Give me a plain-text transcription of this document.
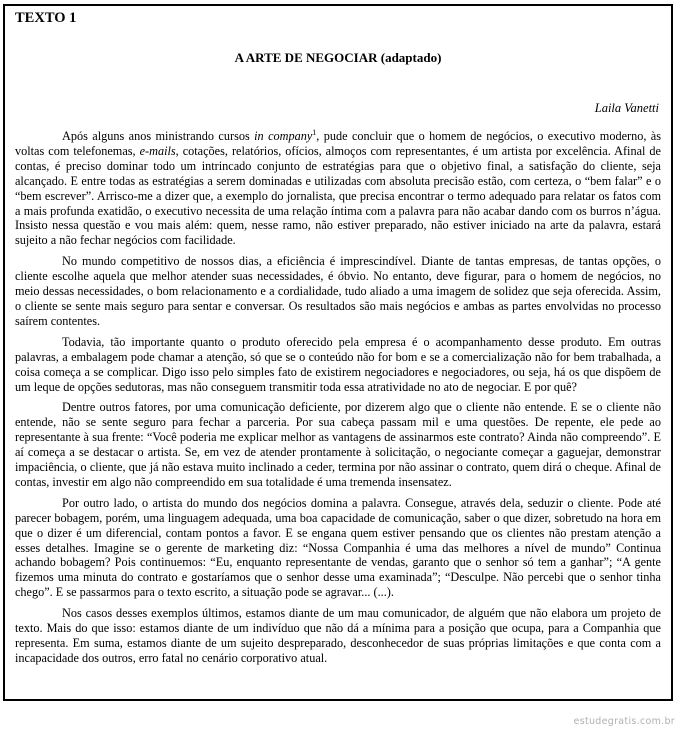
TEXTO 1
A ARTE DE NEGOCIAR (adaptado)

Laila Vanetti

Após alguns anos ministrando cursos in company$^1$, pude concluir que o homem de negócios, o executivo moderno, às voltas com telefonemas, e-mails, cotações, relatórios, ofícios, almoços com representantes, é um artista por excelência. Afinal de contas, é preciso dominar todo um intrincado conjunto de estratégias para que o objetivo final, a satisfação do cliente, seja alcançado. E entre todas as estratégias a serem dominadas e utilizadas com absoluta precisão estão, com certeza, o “bem falar” e o “bem escrever”. Arrisco-me a dizer que, a exemplo do jornalista, que precisa encontrar o termo adequado para relatar os fatos com a mais profunda exatidão, o executivo necessita de uma relação íntima com a palavra para não acabar dando com os burros n’água. Insisto nessa questão e vou mais além: quem, nesse ramo, não estiver preparado, não estiver iniciado na arte da palavra, estará sujeito a não fechar negócios com facilidade.

No mundo competitivo de nossos dias, a eficiência é imprescindível. Diante de tantas empresas, de tantas opções, o cliente escolhe aquela que melhor atender suas necessidades, é óbvio. No entanto, deve figurar, para o homem de negócios, no meio dessas necessidades, o bom relacionamento e a cordialidade, tudo aliado a uma imagem de solidez que seja oferecida. Assim, o cliente se sente mais seguro para sentar e conversar. Os resultados são mais negócios e ambas as partes envolvidas no processo saírem contentes.

Todavia, tão importante quanto o produto oferecido pela empresa é o acompanhamento desse produto. Em outras palavras, a embalagem pode chamar a atenção, só que se o conteúdo não for bom e se a comercialização não for bem trabalhada, a coisa começa a se complicar. Digo isso pelo simples fato de existirem negociadores e negociadores, ou seja, há os que dispõem de um leque de opções sedutoras, mas não conseguem transmitir toda essa atratividade no ato de negociar. E por quê?

Dentre outros fatores, por uma comunicação deficiente, por dizerem algo que o cliente não entende. E se o cliente não entende, não se sente seguro para fechar a parceria. Por sua cabeça passam mil e uma questões. De repente, ele pede ao representante à sua frente: “Você poderia me explicar melhor as vantagens de assinarmos este contrato? Ainda não compreendo”. E aí começa a se destacar o artista. Se, em vez de atender prontamente à solicitação, o negociante começar a gaguejar, demonstrar impaciência, o cliente, que já não estava muito inclinado a ceder, termina por não assinar o contrato, quem dirá o cheque. Afinal de contas, investir em algo não compreendido em sua totalidade é uma tremenda insensatez.

Por outro lado, o artista do mundo dos negócios domina a palavra. Consegue, através dela, seduzir o cliente. Pode até parecer bobagem, porém, uma linguagem adequada, uma boa capacidade de comunicação, saber o que dizer, sobretudo na hora em que o dizer é um diferencial, contam pontos a favor. E se engana quem estiver pensando que os clientes não prestam atenção a esses detalhes. Imagine se o gerente de marketing diz: “Nossa Companhia é uma das melhores a nível de mundo” Continua achando bobagem? Pois continuemos: “Eu, enquanto representante de vendas, garanto que o senhor só tem a ganhar”; “A gente fizemos uma minuta do contrato e gostaríamos que o senhor desse uma examinada”; “Desculpe. Não percebi que o senhor tinha chego”. E se passarmos para o texto escrito, a situação pode se agravar... (...).

Nos casos desses exemplos últimos, estamos diante de um mau comunicador, de alguém que não elabora um projeto de texto. Mais do que isso: estamos diante de um indivíduo que não dá a mínima para a posição que ocupa, para a Companhia que representa. Em suma, estamos diante de um sujeito despreparado, desconhecedor de suas próprias limitações e que conta com a incapacidade dos outros, erro fatal no cenário corporativo atual.

estudegratis.com.br
